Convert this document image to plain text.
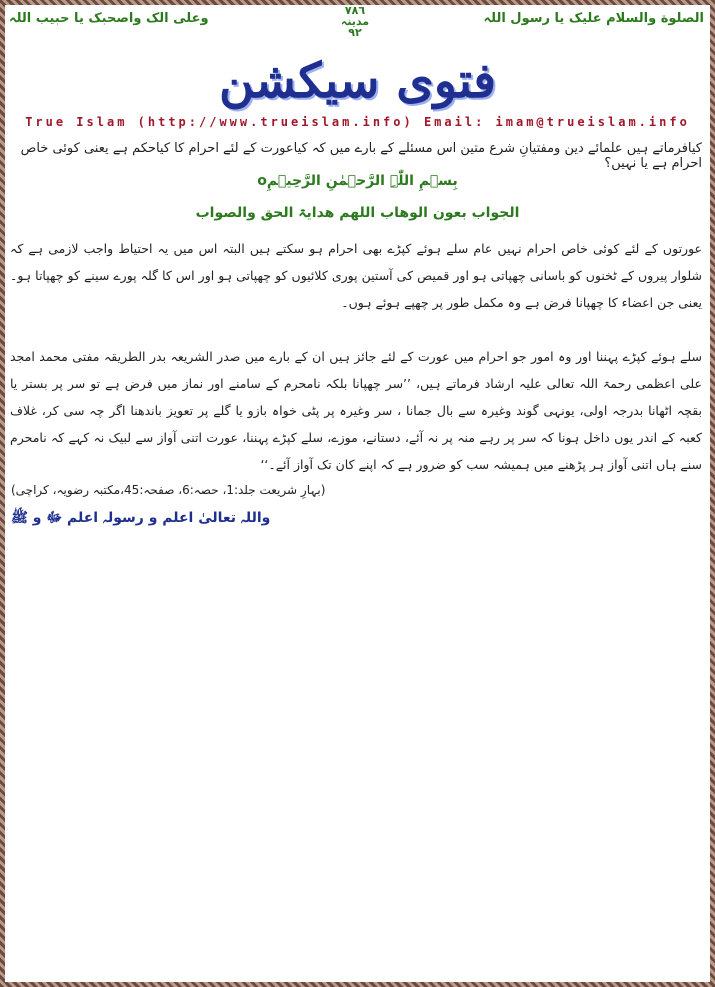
الصلوة والسلام علیک یا رسول اللہ
٧٨٦
مدینہ
٩٢
وعلی الک واصحبک یا حبیب اللہ
فتوی سیکشن
True Islam (http://www.trueislam.info) Email: imam@trueislam.info
کیافرماتے ہیں علمائے دین ومفتیانِ شرع متین اس مسئلے کے بارے میں کہ کیاعورت کے لئے احرام کا کیاحکم ہے یعنی کوئی خاص احرام ہے یا نہیں؟
بِسۡمِ اللّٰہِ الرَّحۡمٰنِ الرَّحِیۡمِo
الجواب بعون الوھاب اللھم ھدایۃ الحق والصواب
عورتوں کے لئے کوئی خاص احرام نہیں عام سلے ہوئے کپڑے بھی احرام ہو سکتے ہیں البتہ اس میں یہ احتیاط واجب لازمی ہے کہ شلوار پیروں کے ٹخنوں کو باسانی چھپاتی ہو اور قمیص کی آستین پوری کلائیوں کو چھپاتی ہو اور اس کا گلہ پورے سینے کو چھپاتا ہو۔یعنی جن اعضاء کا چھپانا فرض ہے وہ مکمل طور پر چھپے ہوئے ہوں۔
سلے ہوئے کپڑے پہننا اور وہ امور جو احرام میں عورت کے لئے جائز ہیں ان کے بارے میں صدر الشریعہ بدر الطریقہ مفتی محمد امجد علی اعظمی رحمۃ اللہ تعالی علیہ ارشاد فرماتے ہیں، ’’سر چھپانا بلکہ نامحرم کے سامنے اور نماز میں فرض ہے تو سر پر بستر یا بقچہ اٹھانا بدرجہ اولی، یونہی گوند وغیرہ سے بال جمانا ، سر وغیرہ پر پٹی خواہ بازو یا گلے پر تعویز باندھنا اگر چہ سی کر، غلاف کعبہ کے اندر یوں داخل ہونا کہ سر پر رہے منہ پر نہ آئے، دستانے، موزے، سلے کپڑے پہننا، عورت اتنی آواز سے لبیک نہ کہے کہ نامحرم سنے ہاں اتنی آواز ہر پڑھنے میں ہمیشہ سب کو ضرور ہے کہ اپنے کان تک آواز آئے۔‘‘
(بہارِ شریعت جلد:1، حصہ:6، صفحہ:45،مکتبہ رضویہ، کراچی)
واللہ تعالیٰ اعلم و رسولہ اعلم ﷻ و ﷺ
